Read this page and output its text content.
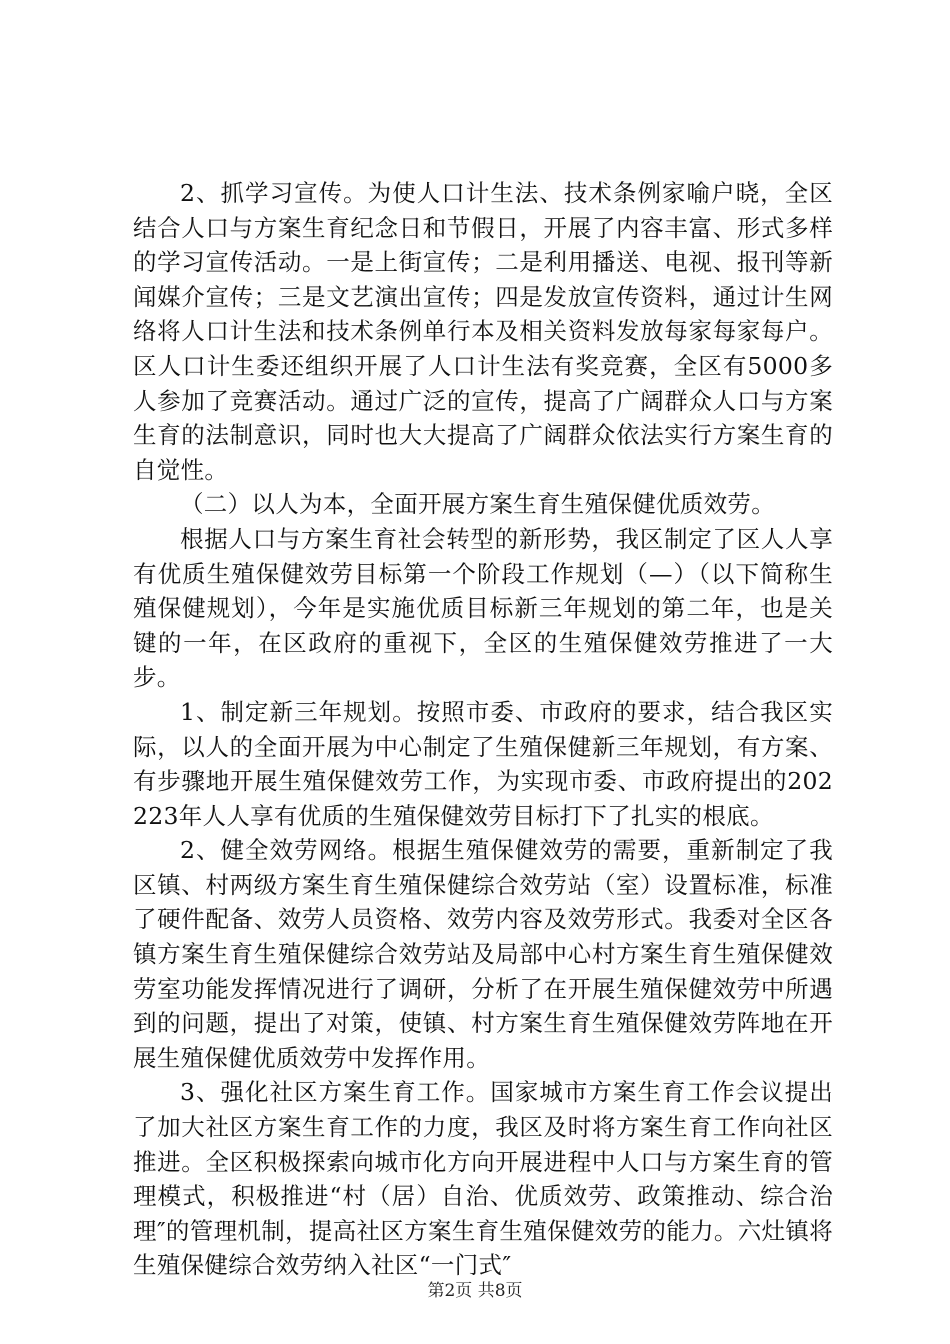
2、抓学习宣传。为使人口计生法、技术条例家喻户晓，全区结合人口与方案生育纪念日和节假日，开展了内容丰富、形式多样的学习宣传活动。一是上街宣传；二是利用播送、电视、报刊等新闻媒介宣传；三是文艺演出宣传；四是发放宣传资料，通过计生网络将人口计生法和技术条例单行本及相关资料发放每家每家每户。区人口计生委还组织开展了人口计生法有奖竞赛，全区有5000多人参加了竞赛活动。通过广泛的宣传，提高了广阔群众人口与方案生育的法制意识，同时也大大提高了广阔群众依法实行方案生育的自觉性。

（二）以人为本，全面开展方案生育生殖保健优质效劳。

根据人口与方案生育社会转型的新形势，我区制定了区人人享有优质生殖保健效劳目标第一个阶段工作规划（—）（以下简称生殖保健规划），今年是实施优质目标新三年规划的第二年，也是关键的一年，在区政府的重视下，全区的生殖保健效劳推进了一大步。

1、制定新三年规划。按照市委、市政府的要求，结合我区实际，以人的全面开展为中心制定了生殖保健新三年规划，有方案、有步骤地开展生殖保健效劳工作，为实现市委、市政府提出的202223年人人享有优质的生殖保健效劳目标打下了扎实的根底。

2、健全效劳网络。根据生殖保健效劳的需要，重新制定了我区镇、村两级方案生育生殖保健综合效劳站（室）设置标准，标准了硬件配备、效劳人员资格、效劳内容及效劳形式。我委对全区各镇方案生育生殖保健综合效劳站及局部中心村方案生育生殖保健效劳室功能发挥情况进行了调研，分析了在开展生殖保健效劳中所遇到的问题，提出了对策，使镇、村方案生育生殖保健效劳阵地在开展生殖保健优质效劳中发挥作用。

3、强化社区方案生育工作。国家城市方案生育工作会议提出了加大社区方案生育工作的力度，我区及时将方案生育工作向社区推进。全区积极探索向城市化方向开展进程中人口与方案生育的管理模式，积极推进“村（居）自治、优质效劳、政策推动、综合治理″的管理机制，提高社区方案生育生殖保健效劳的能力。六灶镇将生殖保健综合效劳纳入社区“一门式″

第2页 共8页
